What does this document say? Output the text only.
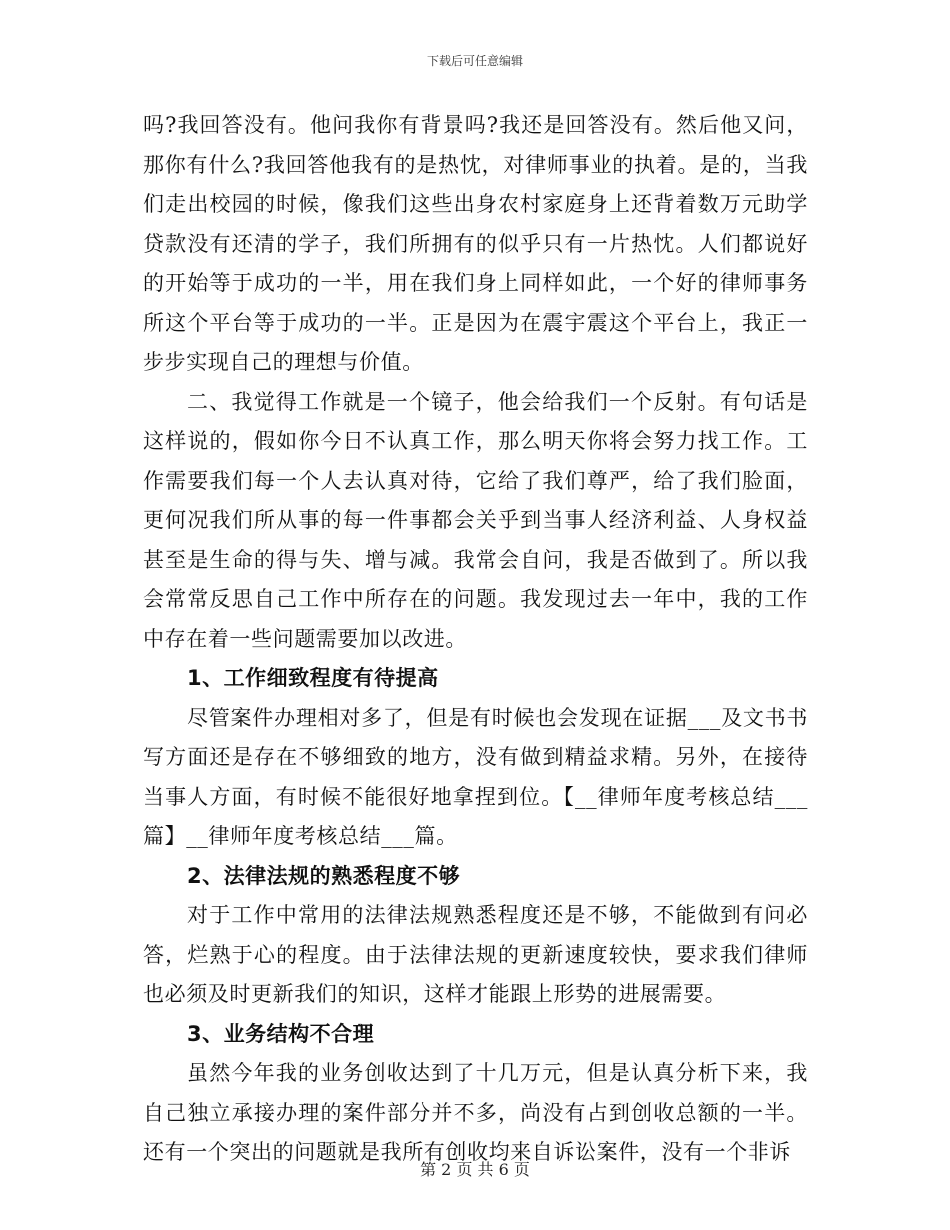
下载后可任意编辑

吗?我回答没有。他问我你有背景吗?我还是回答没有。然后他又问，那你有什么?我回答他我有的是热忱，对律师事业的执着。是的，当我们走出校园的时候，像我们这些出身农村家庭身上还背着数万元助学贷款没有还清的学子，我们所拥有的似乎只有一片热忱。人们都说好的开始等于成功的一半，用在我们身上同样如此，一个好的律师事务所这个平台等于成功的一半。正是因为在震宇震这个平台上，我正一步步实现自己的理想与价值。

二、我觉得工作就是一个镜子，他会给我们一个反射。有句话是这样说的，假如你今日不认真工作，那么明天你将会努力找工作。工作需要我们每一个人去认真对待，它给了我们尊严，给了我们脸面，更何况我们所从事的每一件事都会关乎到当事人经济利益、人身权益甚至是生命的得与失、增与减。我常会自问，我是否做到了。所以我会常常反思自己工作中所存在的问题。我发现过去一年中，我的工作中存在着一些问题需要加以改进。

1、工作细致程度有待提高

尽管案件办理相对多了，但是有时候也会发现在证据___及文书书写方面还是存在不够细致的地方，没有做到精益求精。另外，在接待当事人方面，有时候不能很好地拿捏到位。【__律师年度考核总结___篇】__律师年度考核总结___篇。

2、法律法规的熟悉程度不够

对于工作中常用的法律法规熟悉程度还是不够，不能做到有问必答，烂熟于心的程度。由于法律法规的更新速度较快，要求我们律师也必须及时更新我们的知识，这样才能跟上形势的进展需要。

3、业务结构不合理

虽然今年我的业务创收达到了十几万元，但是认真分析下来，我自己独立承接办理的案件部分并不多，尚没有占到创收总额的一半。还有一个突出的问题就是我所有创收均来自诉讼案件，没有一个非诉

第 2 页 共 6 页
